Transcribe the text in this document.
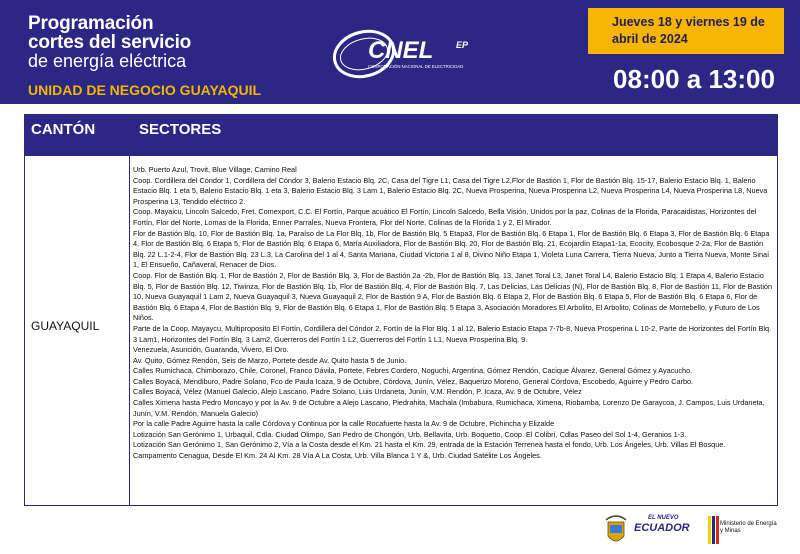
Programación
cortes del servicio
de energía eléctrica
UNIDAD DE NEGOCIO GUAYAQUIL
CNEL	EP
CORPORACIÓN NACIONAL DE ELECTRICIDAD
Jueves 18 y viernes 19 de abril de 2024
08:00 a 13:00
CANTÓN	SECTORES
GUAYAQUIL

Urb. Puerto Azul, Trovit, Blue Village, Camino Real

Coop. Cordillera del Cóndor 1, Cordillera del Cóndor 3, Balerio Estacio Blq. 2C, Casa del Tigre L1, Casa del Tigre L2,Flor de Bastión 1, Flor de Bastión Blq. 15-17, Balerio Estacio Blq. 1, Balerio Estacio Blq. 1 eta 5, Balerio Estacio Blq. 1 eta 3, Balerio Estacio Blq. 3 Lam 1, Balerio Estacio Blq. 2C, Nueva Prosperina, Nueva Prosperina L2, Nueva Prosperina L4, Nueva Prosperina L8, Nueva Prosperina L3, Tendido eléctrico 2.

Coop. Mayaicu, Lincoln Salcedo, Fret. Comexport, C.C. El Fortín, Parque acuático El Fortín, Lincoln Salcedo, Bella Visión, Unidos por la paz, Colinas de la Florida, Paracaidistas, Horizontes del Fortín, Flor del Norte, Lomas de la Florida, Enner Parrales, Nueva Frontera, Flor del Norte, Colinas de la Florida 1 y 2, El Mirador.

Flor de Bastión Blq. 10, Flor de Bastión Blq. 1a, Paraíso de La Flor Blq. 1b, Flor de Bastión Blq. 5 Etapa3, Flor de Bastión Blq. 6 Etapa 1, Flor de Bastión Blq. 6 Etapa 3, Flor de Bastión Blq. 6 Etapa 4, Flor de Bastión Blq. 6 Etapa 5, Flor de Bastión Blq. 6 Etapa 6, María Auxiliadora, Flor de Bastión Blq. 20, Flor de Bastión Blq. 21, Ecojardín Etapa1-1a, Ecocity, Ecobosque 2-2a, Flor de Bastión Blq. 22 L.1-2-4, Flor de Bastión Blq. 23 L.3, La Carolina del 1 al 4, Santa Mariana, Ciudad Victoria 1 al 8, Divino Niño Etapa 1, Violeta Luna Carrera, Tierra Nueva, Junto a Tierra Nueva, Monte Sinaí 1, El Ensueño, Cañaveral, Renacer de Dios.

Coop. Flor de Bastión Blq. 1, Flor de Bastión 2, Flor de Bastión Blq. 3, Flor de Bastión 2a -2b, Flor de Bastión Blq. 13, Janet Toral L3, Janet Toral L4, Balerio Estacio Blq. 1 Etapa 4, Balerio Estacio Blq. 5, Flor de Bastión Blq. 12, Tiwinza, Flor de Bastión Blq. 1b, Flor de Bastión Blq. 4, Flor de Bastión Blq. 7, Las Delicias, Las Delicias (N), Flor de Bastión Blq. 8, Flor de Bastión 11, Flor de Bastión 10, Nueva Guayaquil 1 Lam 2, Nueva Guayaquil 3, Nueva Guayaquil 2, Flor de Bastión 9 A, Flor de Bastión Blq. 6 Etapa 2, Flor de Bastión Blq. 6 Etapa 5, Flor de Bastión Blq. 6 Etapa 6, Flor de Bastión Blq. 6 Etapa 4, Flor de Bastión Blq. 9, Flor de Bastión Blq. 6 Etapa 1, Flor de Bastión Blq. 5 Etapa 3, Asociación Moradores El Arbolito, El Arbolito, Colinas de Montebello, y Futuro de Los Niños.

Parte de la Coop. Mayaycu, Multiproposito El Fortín, Cordillera del Cóndor 2, Fortín de la Flor Blq. 1 al 12, Balerio Estacio Etapa 7-7b-8, Nueva Prosperina L 10-2, Parte de Horizontes del Fortín Blq. 3 Lam1, Horizontes del Fortín Blq. 3 Lam2, Guerreros del Fortín 1 L2, Guerreros del Fortín 1 L1, Nueva Prosperina Blq. 9.

Venezuela, Asunción, Guaranda, Vivero, El Oro.

Av. Quito, Gómez Rendón, Seis de Marzo, Portete desde Av. Quito hasta 5 de Junio.

Calles Rumichaca, Chimborazo, Chile, Coronel, Franco Dávila, Portete, Febres Cordero, Noguchi, Argentina, Gómez Rendón, Cacique Álvarez, General Gómez y Ayacucho.

Calles Boyacá, Mendiburo, Padre Solano, Fco de Paula Icaza, 9 de Octubre, Córdova, Junín, Vélez, Baquerizo Moreno, General Córdova, Escobedo, Aguirre y Pedro Carbo.

Calles Boyacá, Vélez (Manuel Galecio, Alejo Lascano, Padre Solano, Luis Urdaneta, Junín, V.M. Rendón, P. Icaza, Av. 9 de Octubre, Vélez

Calles Ximena hasta Pedro Moncayo y por la Av. 9 de Octubre a Alejo Lascano, Piedrahita, Machala (Imbabura, Rumichaca, Ximena, Riobamba, Lorenzo De Garaycoa, J. Campos, Luis Urdaneta, Junín, V.M. Rendón, Manuela Galecio)

Por la calle Padre Aguirre hasta la calle Córdova y Continua por la calle Rocafuerte hasta la Av. 9 de Octubre, Pichincha y Elizalde

Lotización San Gerónimo 1, Urbaquil, Cdla. Ciudad Olimpo, San Pedro de Chongón, Urb. Bellavita, Urb. Boquetto, Coop. El Colibrí, Cdlas Paseo del Sol 1-4, Geranios 1-3.

Lotización San Gerónimo 1, San Gerónimo 2, Vía a la Costa desde el Km. 21 hasta el Km. 29, entrada de la Estación Terrenea hasta el fondo, Urb. Los Ángeles, Urb. Villas El Bosque.

Campamento Cenagua, Desde El Km. 24 Al Km. 28 Vía A La Costa, Urb. Villa Blanca 1 Y &, Urb. Ciudad Satélite Los Ángeles.

EL NUEVO
ECUADOR	Ministerio de Energía y Minas
